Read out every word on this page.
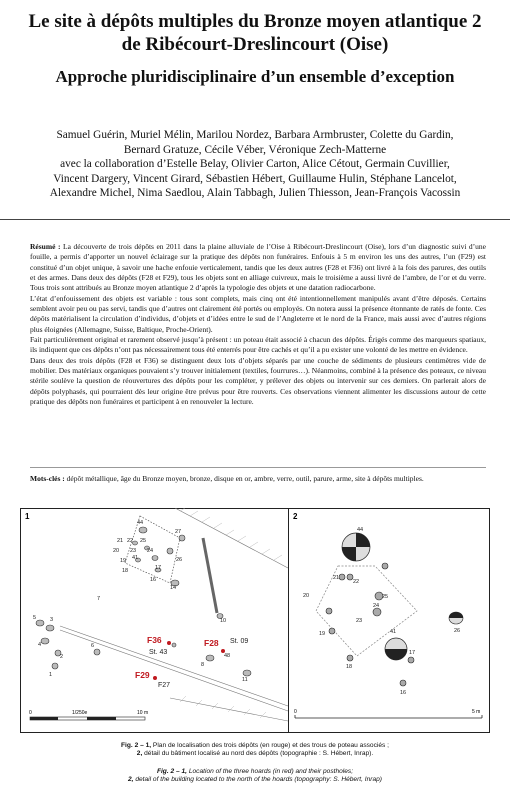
Le site à dépôts multiples du Bronze moyen atlantique 2
de Ribécourt-Dreslincourt (Oise)
Approche pluridisciplinaire d’un ensemble d’exception
Samuel Guérin, Muriel Mélin, Marilou Nordez, Barbara Armbruster, Colette du Gardin,
Bernard Gratuze, Cécile Véber, Véronique Zech-Matterne
avec la collaboration d’Estelle Belay, Olivier Carton, Alice Cétout, Germain Cuvillier,
Vincent Dargery, Vincent Girard, Sébastien Hébert, Guillaume Hulin, Stéphane Lancelot,
Alexandre Michel, Nima Saedlou, Alain Tabbagh, Julien Thiesson, Jean-François Vacossin

Résumé : La découverte de trois dépôts en 2011 dans la plaine alluviale de l’Oise à Ribécourt-Dreslincourt (Oise), lors d’un diagnostic suivi d’une fouille, a permis d’apporter un nouvel éclairage sur la pratique des dépôts non funéraires. Enfouis à 5 m environ les uns des autres, l’un (F29) est constitué d’un objet unique, à savoir une hache enfouie verticalement, tandis que les deux autres (F28 et F36) ont livré à la fois des parures, des outils et des armes. Dans deux des dépôts (F28 et F29), tous les objets sont en alliage cuivreux, mais le troisième a aussi livré de l’ambre, de l’or et du verre. Tous trois sont attribués au Bronze moyen atlantique 2 d’après la typologie des objets et une datation radiocarbone.

L’état d’enfouissement des objets est variable : tous sont complets, mais cinq ont été intentionnellement manipulés avant d’être déposés. Certains semblent avoir peu ou pas servi, tandis que d’autres ont clairement été portés ou employés. On notera aussi la présence étonnante de ratés de fonte. Ces dépôts matérialisent la circulation d’individus, d’objets et d’idées entre le sud de l’Angleterre et le nord de la France, mais aussi avec d’autres régions plus éloignées (Allemagne, Suisse, Baltique, Proche-Orient).

Fait particulièrement original et rarement observé jusqu’à présent : un poteau était associé à chacun des dépôts. Érigés comme des marqueurs spatiaux, ils indiquent que ces dépôts n’ont pas nécessairement tous été enterrés pour être cachés et qu’il a pu exister une volonté de les mettre en évidence.

Dans deux des trois dépôts (F28 et F36) se distinguent deux lots d’objets séparés par une couche de sédiments de plusieurs centimètres vide de mobilier. Des matériaux organiques pouvaient s’y trouver initialement (textiles, fourrures…). Néanmoins, combiné à la présence des poteaux, ce niveau stérile soulève la question de réouvertures des dépôts pour les compléter, y prélever des objets ou intervenir sur ces derniers. On parlerait alors de dépôts polyphasés, qui pourraient dès leur origine être prévus pour être rouverts. Ces observations viennent alimenter les discussions autour de cette pratique des dépôts non funéraires et participent à en renouveler la lecture.

Mots-clés : dépôt métallique, âge du Bronze moyen, bronze, disque en or, ambre, verre, outil, parure, arme, site à dépôts multiples.
1	2
44
27
21 22 25
20 23 24
19 41	26
18	17
16
14
7
5	3
4	6
2
1
10
8
11
48
F36	F28
F29
St. 43
St. 09
F27
0	1/250e	10 m
44
21
22
20	25
24
23
26
19	41
17
18
16
0	5 m
Fig. 2 – 1, Plan de localisation des trois dépôts (en rouge) et des trous de poteau associés ;
2, détail du bâtiment localisé au nord des dépôts (topographie : S. Hébert, Inrap).
Fig. 2 – 1, Location of the three hoards (in red) and their postholes;
2, detail of the building located to the north of the hoards (topography: S. Hébert, Inrap)
